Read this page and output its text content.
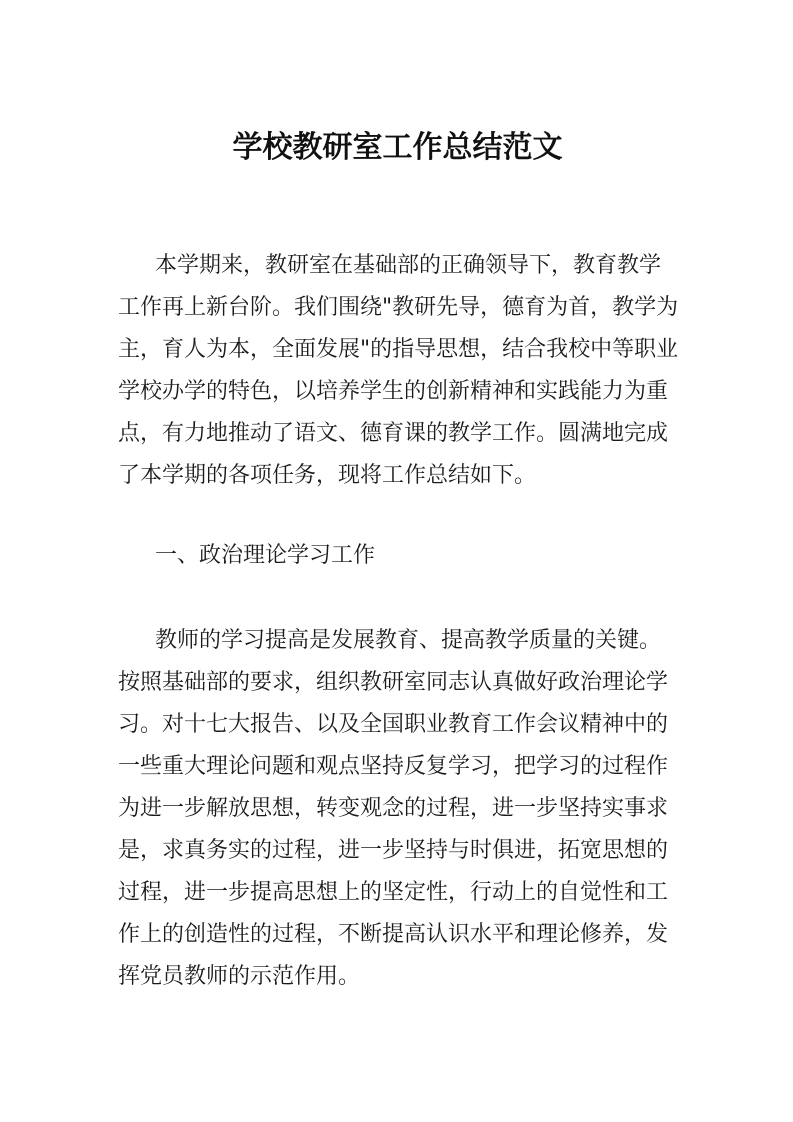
学校教研室工作总结范文
本学期来，教研室在基础部的正确领导下，教育教学
工作再上新台阶。我们围绕"教研先导，德育为首，教学为
主，育人为本，全面发展"的指导思想，结合我校中等职业
学校办学的特色，以培养学生的创新精神和实践能力为重
点，有力地推动了语文、德育课的教学工作。圆满地完成
了本学期的各项任务，现将工作总结如下。
一、政治理论学习工作
教师的学习提高是发展教育、提高教学质量的关键。
按照基础部的要求，组织教研室同志认真做好政治理论学
习。对十七大报告、以及全国职业教育工作会议精神中的
一些重大理论问题和观点坚持反复学习，把学习的过程作
为进一步解放思想，转变观念的过程，进一步坚持实事求
是，求真务实的过程，进一步坚持与时俱进，拓宽思想的
过程，进一步提高思想上的坚定性，行动上的自觉性和工
作上的创造性的过程，不断提高认识水平和理论修养，发
挥党员教师的示范作用。
